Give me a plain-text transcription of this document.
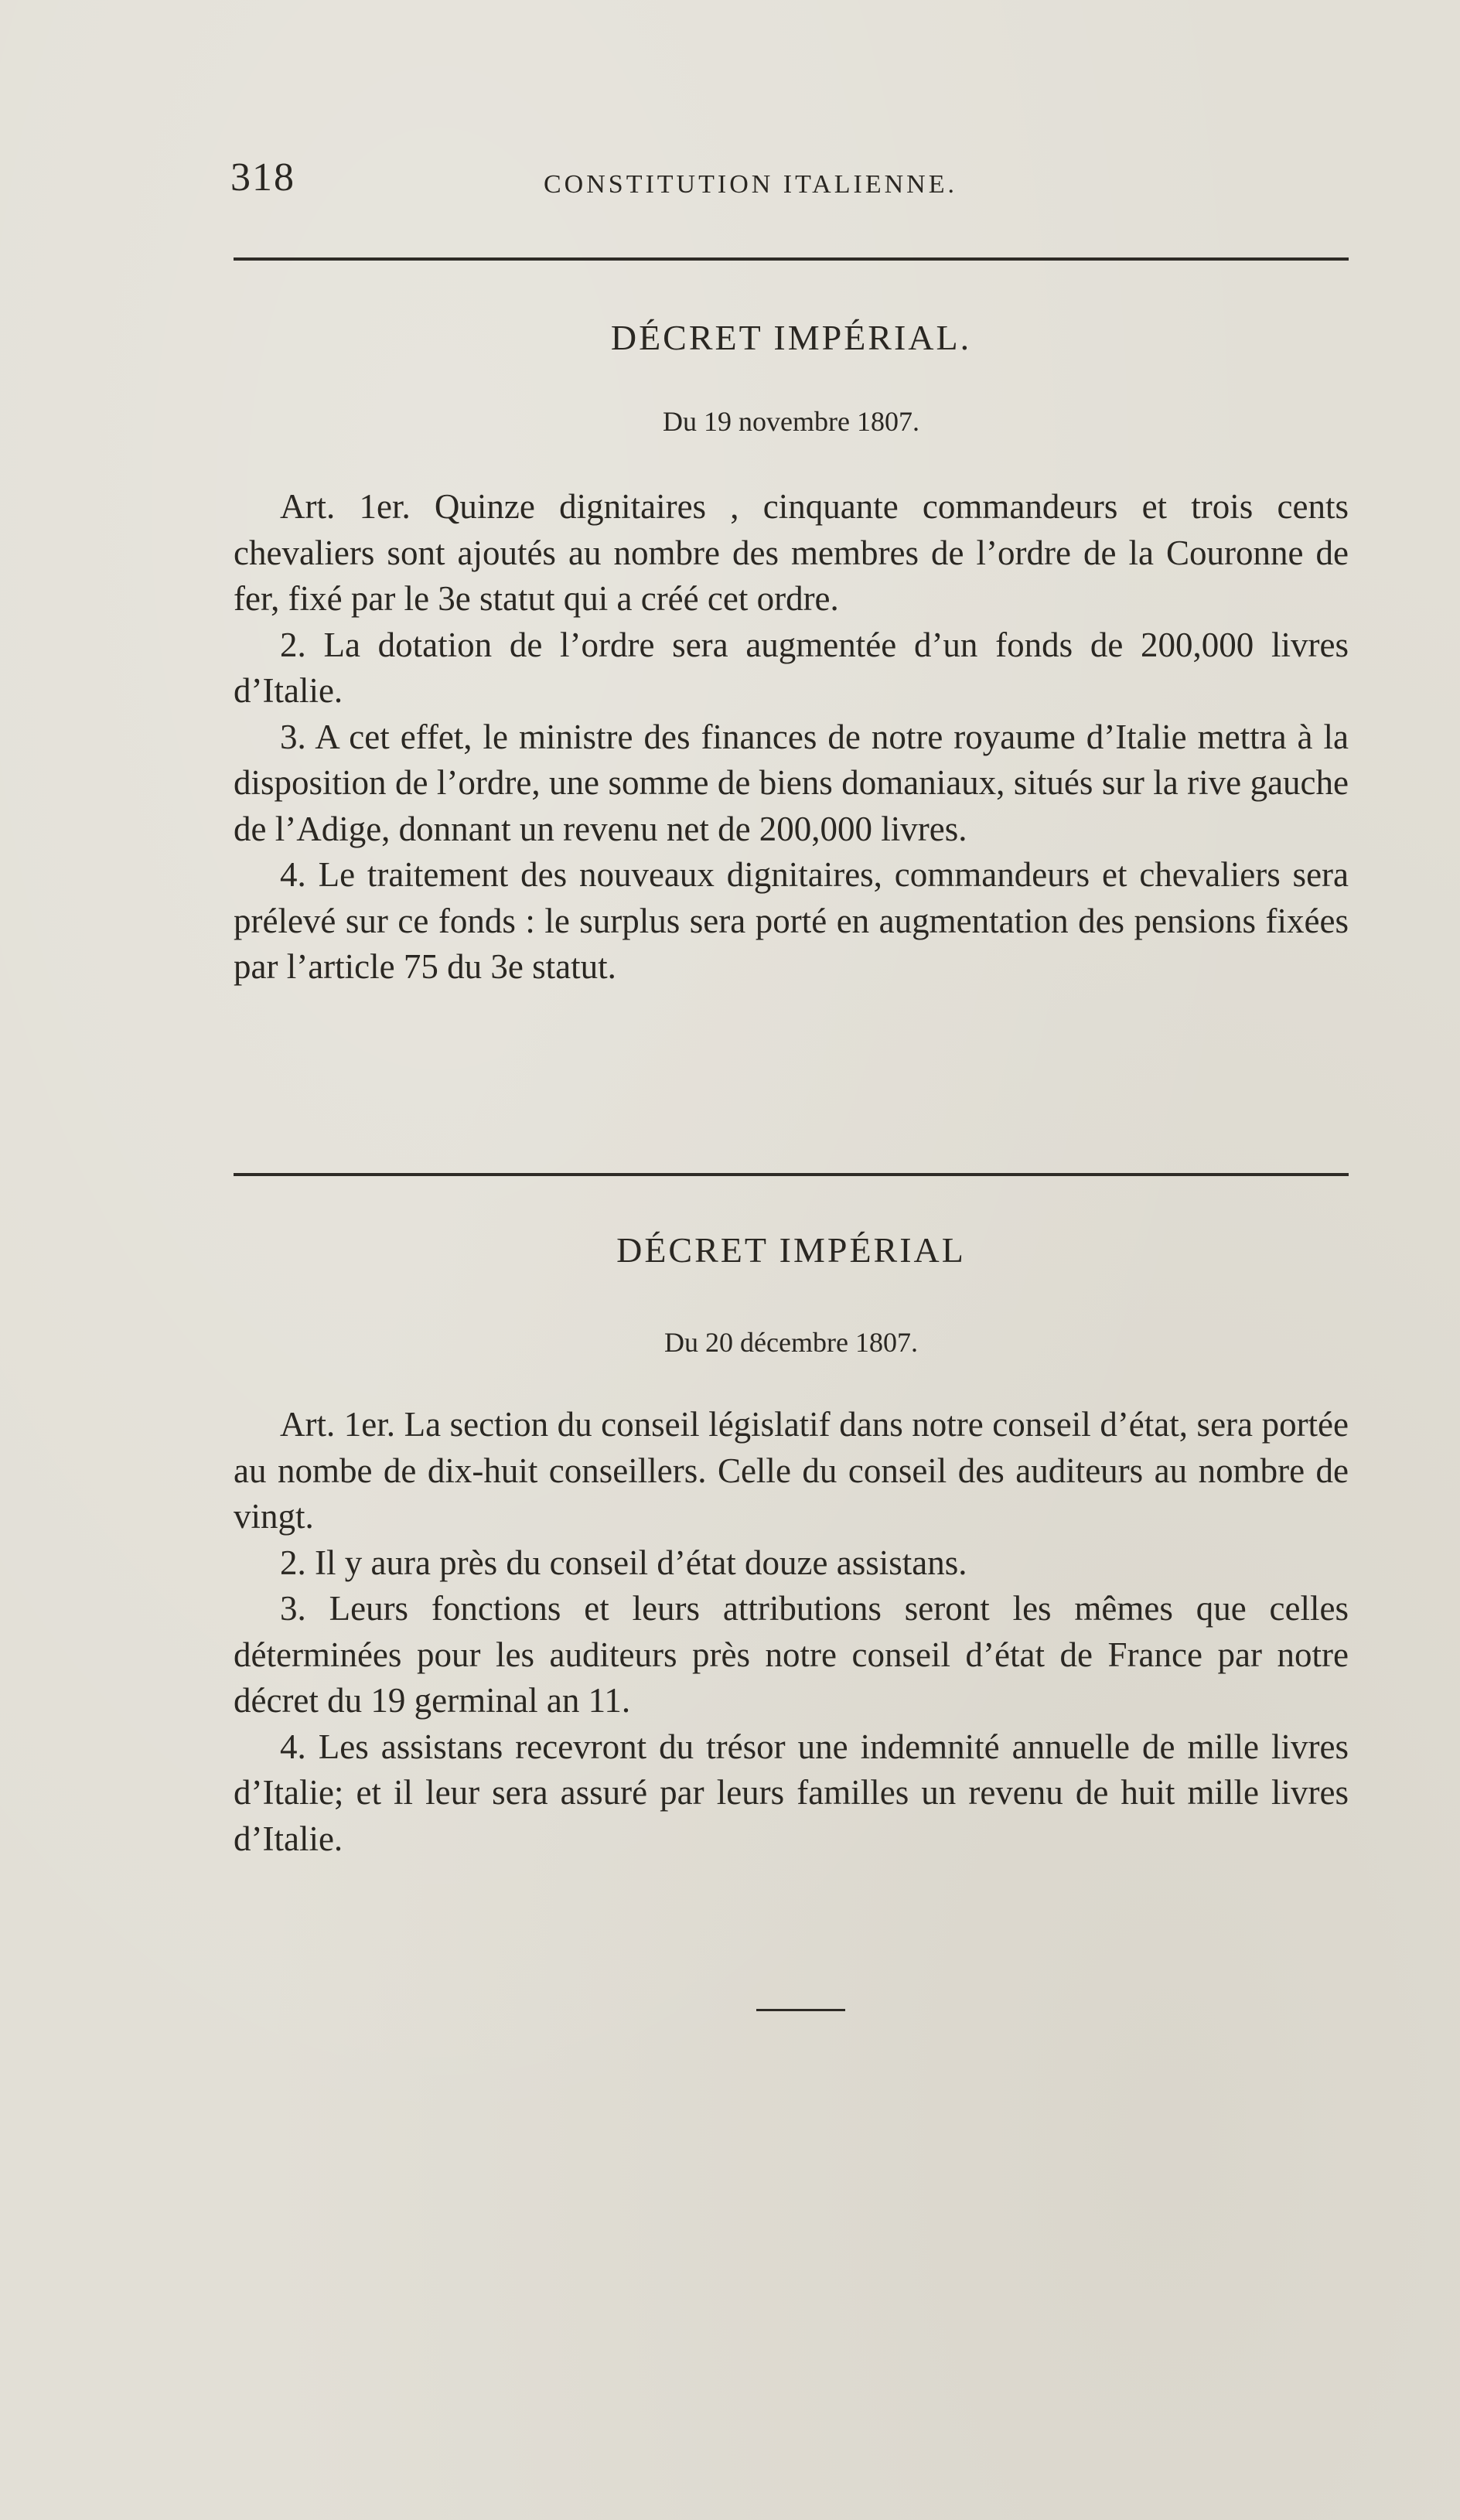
318	CONSTITUTION ITALIENNE.
DÉCRET IMPÉRIAL.
Du 19 novembre 1807.

Art. 1er. Quinze dignitaires , cinquante commandeurs et trois cents chevaliers sont ajoutés au nombre des membres de l’ordre de la Couronne de fer, fixé par le 3e statut qui a créé cet ordre.

2. La dotation de l’ordre sera augmentée d’un fonds de 200,000 livres d’Italie.

3. A cet effet, le ministre des finances de notre royaume d’Italie mettra à la disposition de l’ordre, une somme de biens domaniaux, situés sur la rive gauche de l’Adige, donnant un revenu net de 200,000 livres.

4. Le traitement des nouveaux dignitaires, commandeurs et chevaliers sera prélevé sur ce fonds : le surplus sera porté en augmentation des pensions fixées par l’article 75 du 3e statut.

DÉCRET IMPÉRIAL
Du 20 décembre 1807.

Art. 1er. La section du conseil législatif dans notre conseil d’état, sera portée au nombe de dix-huit conseillers. Celle du conseil des auditeurs au nombre de vingt.

2. Il y aura près du conseil d’état douze assistans.

3. Leurs fonctions et leurs attributions seront les mêmes que celles déterminées pour les auditeurs près notre conseil d’état de France par notre décret du 19 germinal an 11.

4. Les assistans recevront du trésor une indemnité annuelle de mille livres d’Italie; et il leur sera assuré par leurs familles un revenu de huit mille livres d’Italie.
